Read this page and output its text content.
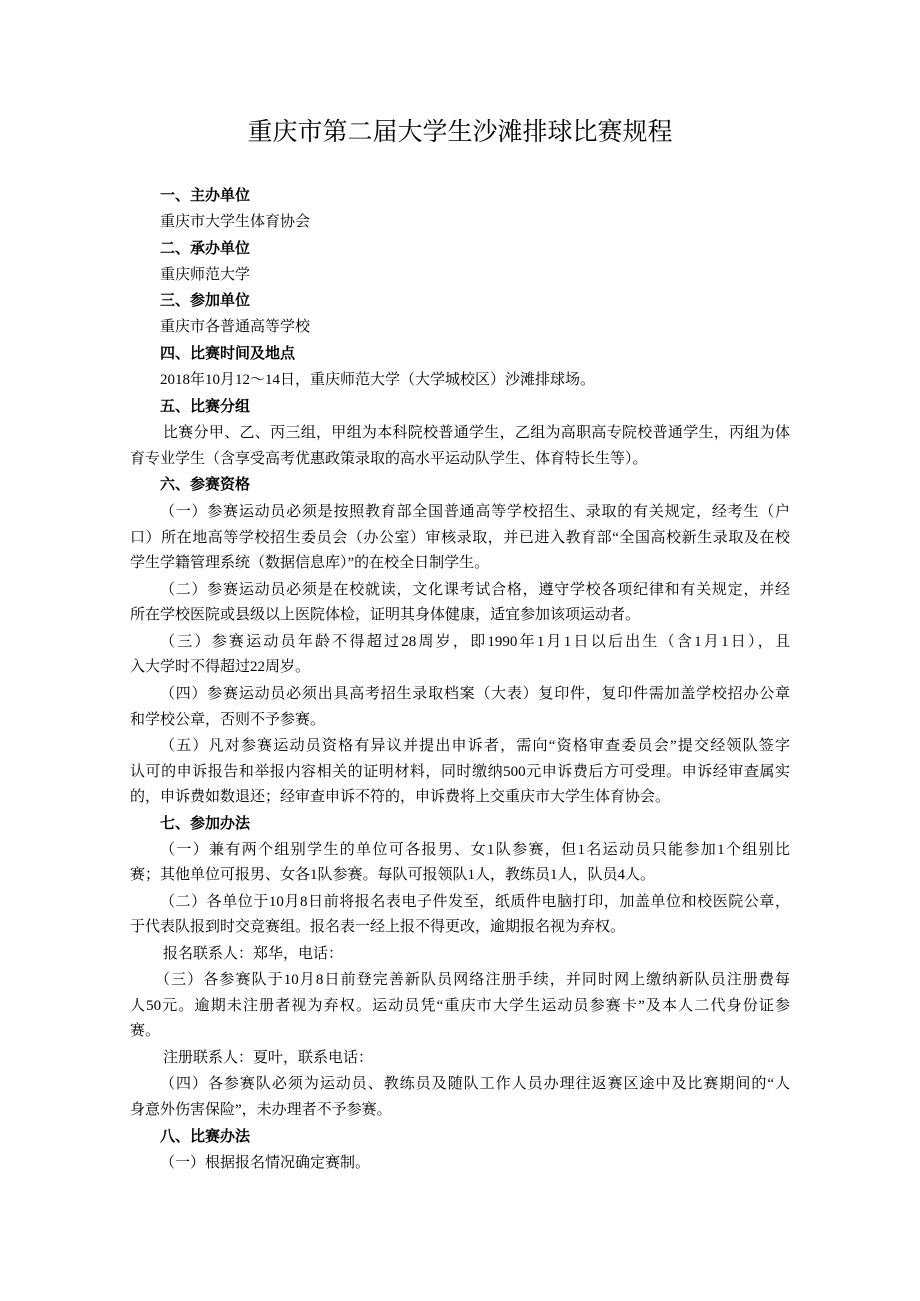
重庆市第二届大学生沙滩排球比赛规程
一、主办单位
重庆市大学生体育协会
二、承办单位
重庆师范大学
三、参加单位
重庆市各普通高等学校
四、比赛时间及地点
2018年10月12～14日，重庆师范大学（大学城校区）沙滩排球场。
五、比赛分组
比赛分甲、乙、丙三组，甲组为本科院校普通学生，乙组为高职高专院校普通学生，丙组为体
育专业学生（含享受高考优惠政策录取的高水平运动队学生、体育特长生等）。
六、参赛资格
（一）参赛运动员必须是按照教育部全国普通高等学校招生、录取的有关规定，经考生（户
口）所在地高等学校招生委员会（办公室）审核录取，并已进入教育部“全国高校新生录取及在校
学生学籍管理系统（数据信息库）”的在校全日制学生。
（二）参赛运动员必须是在校就读，文化课考试合格，遵守学校各项纪律和有关规定，并经
所在学校医院或县级以上医院体检，证明其身体健康，适宜参加该项运动者。
（三）参赛运动员年龄不得超过28周岁，即1990年1月1日以后出生（含1月1日），且
入大学时不得超过22周岁。
（四）参赛运动员必须出具高考招生录取档案（大表）复印件，复印件需加盖学校招办公章
和学校公章，否则不予参赛。
（五）凡对参赛运动员资格有异议并提出申诉者，需向“资格审查委员会”提交经领队签字
认可的申诉报告和举报内容相关的证明材料，同时缴纳500元申诉费后方可受理。申诉经审查属实
的，申诉费如数退还；经审查申诉不符的，申诉费将上交重庆市大学生体育协会。
七、参加办法
（一）兼有两个组别学生的单位可各报男、女1队参赛，但1名运动员只能参加1个组别比
赛；其他单位可报男、女各1队参赛。每队可报领队1人，教练员1人，队员4人。
（二）各单位于10月8日前将报名表电子件发至，纸质件电脑打印，加盖单位和校医院公章，
于代表队报到时交竞赛组。报名表一经上报不得更改，逾期报名视为弃权。
报名联系人：郑华，电话：
（三）各参赛队于10月8日前登完善新队员网络注册手续，并同时网上缴纳新队员注册费每
人50元。逾期未注册者视为弃权。运动员凭“重庆市大学生运动员参赛卡”及本人二代身份证参
赛。
注册联系人：夏叶，联系电话：
（四）各参赛队必须为运动员、教练员及随队工作人员办理往返赛区途中及比赛期间的“人
身意外伤害保险”，未办理者不予参赛。
八、比赛办法
（一）根据报名情况确定赛制。
